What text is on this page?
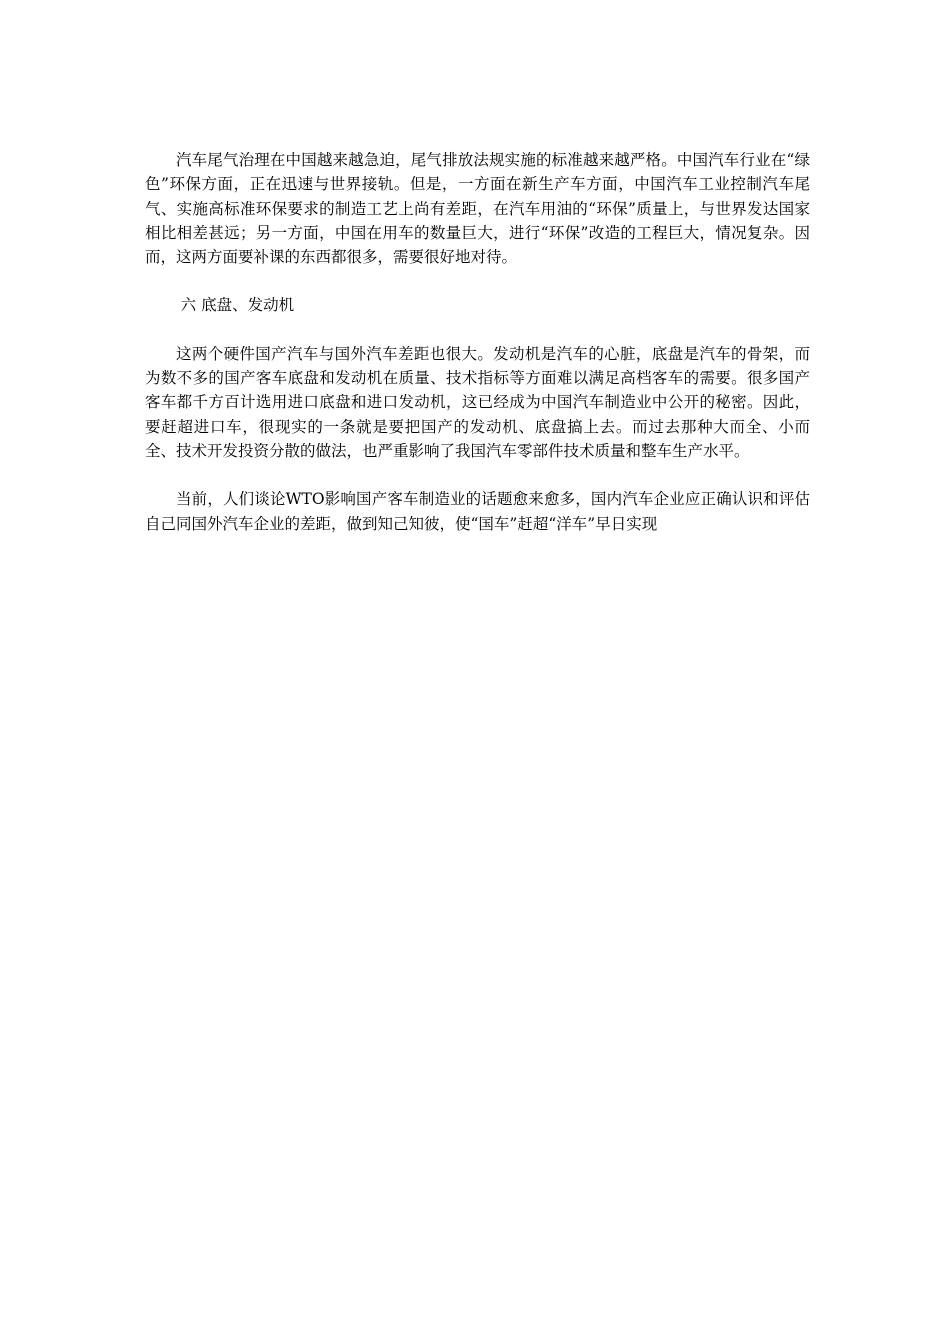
汽车尾气治理在中国越来越急迫，尾气排放法规实施的标准越来越严格。中国汽车行业在“绿色”环保方面，正在迅速与世界接轨。但是，一方面在新生产车方面，中国汽车工业控制汽车尾气、实施高标准环保要求的制造工艺上尚有差距，在汽车用油的“环保”质量上，与世界发达国家相比相差甚远；另一方面，中国在用车的数量巨大，进行“环保”改造的工程巨大，情况复杂。因而，这两方面要补课的东西都很多，需要很好地对待。

六 底盘、发动机

这两个硬件国产汽车与国外汽车差距也很大。发动机是汽车的心脏，底盘是汽车的骨架，而为数不多的国产客车底盘和发动机在质量、技术指标等方面难以满足高档客车的需要。很多国产客车都千方百计选用进口底盘和进口发动机，这已经成为中国汽车制造业中公开的秘密。因此，要赶超进口车，很现实的一条就是要把国产的发动机、底盘搞上去。而过去那种大而全、小而全、技术开发投资分散的做法，也严重影响了我国汽车零部件技术质量和整车生产水平。

当前，人们谈论WTO影响国产客车制造业的话题愈来愈多，国内汽车企业应正确认识和评估自己同国外汽车企业的差距，做到知己知彼，使“国车”赶超“洋车”早日实现
